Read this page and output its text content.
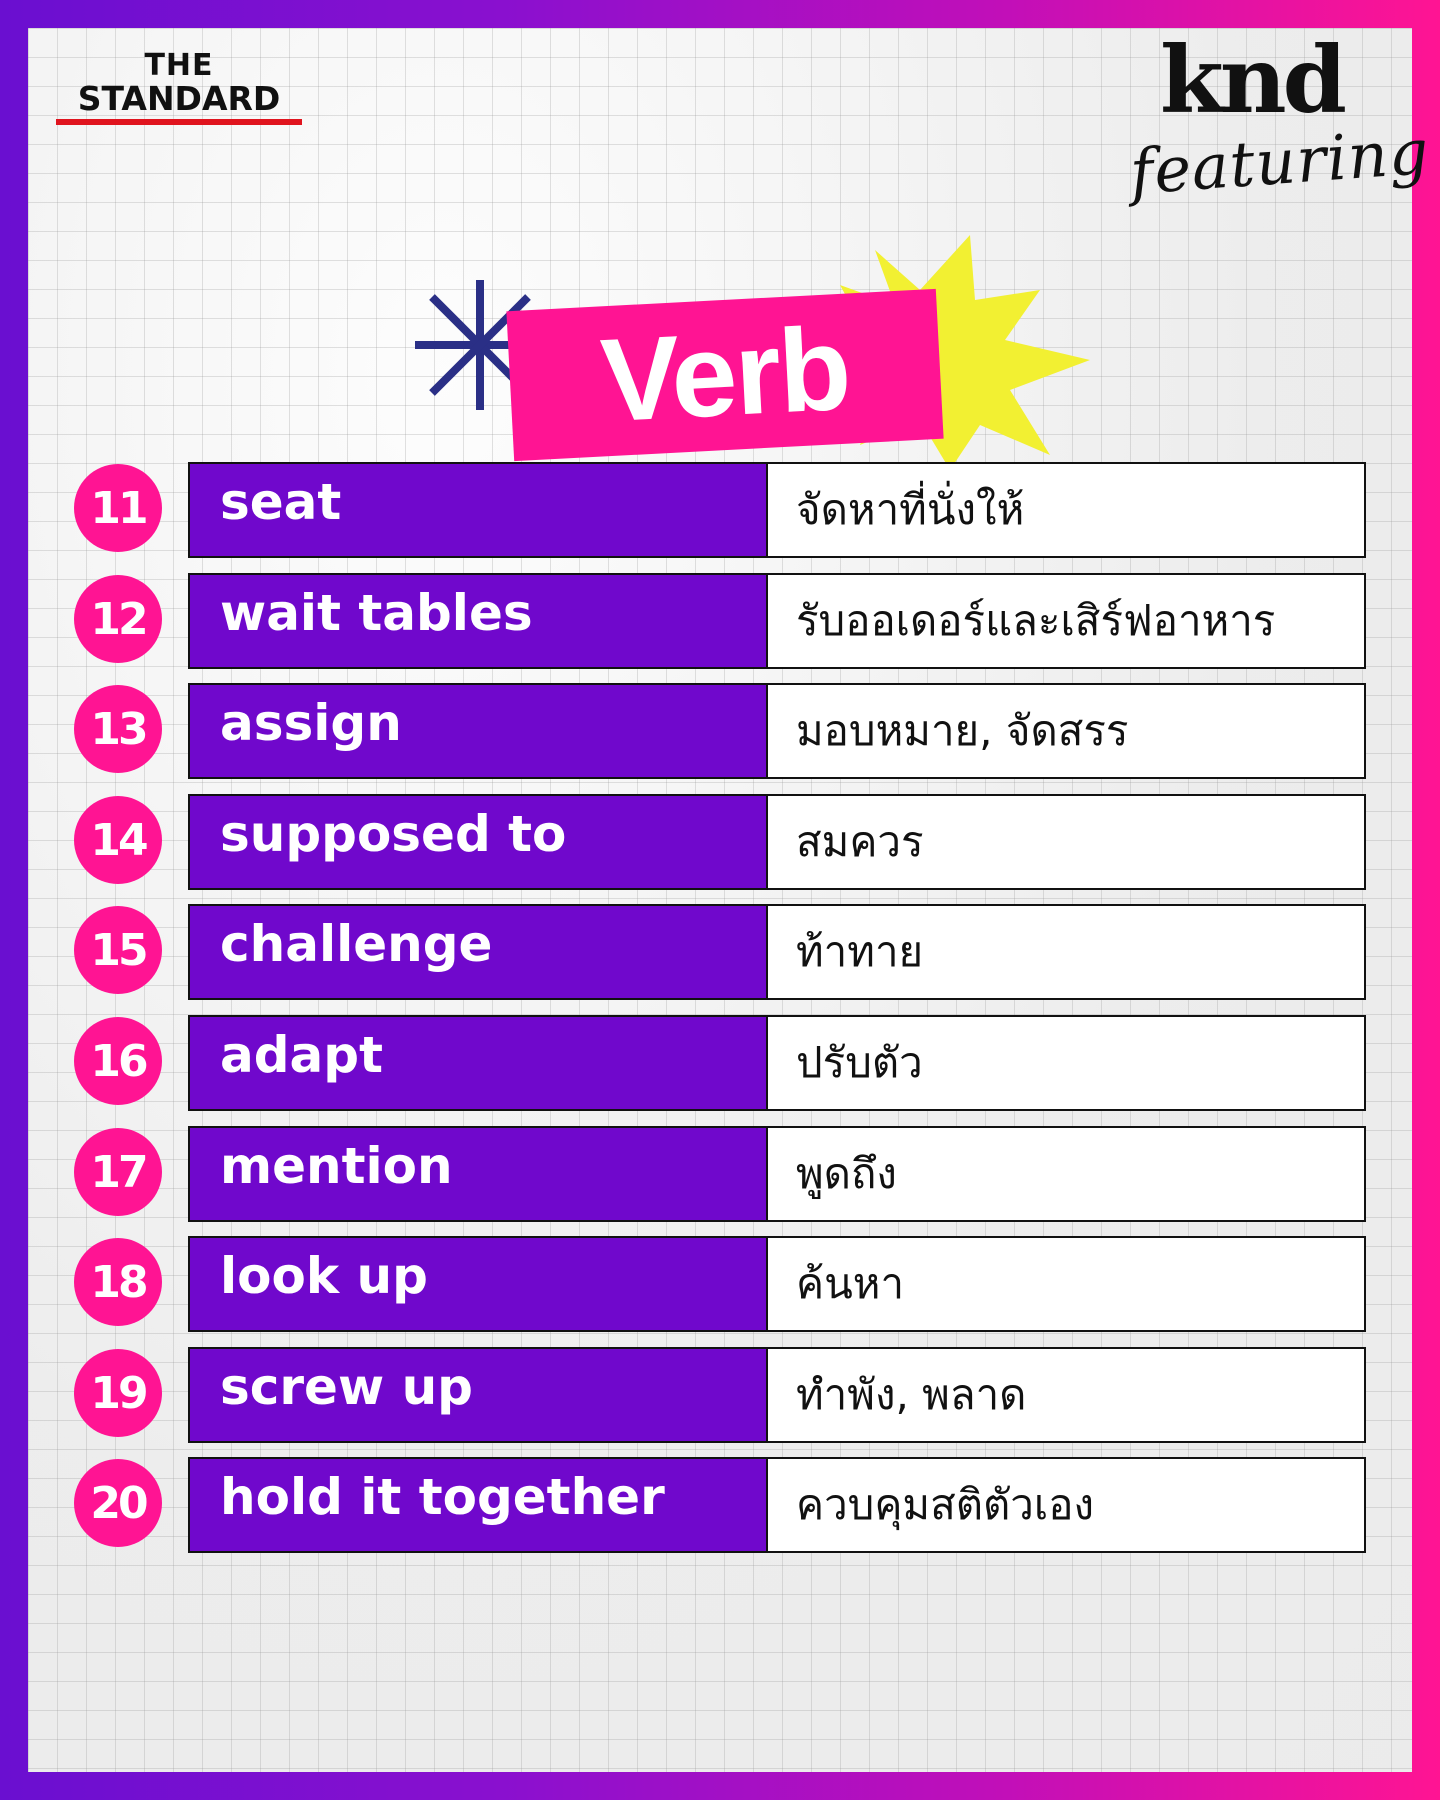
THE
STANDARD	knd
featuring
Verb
11	seat	จัดหาที่นั่งให้
12	wait tables	รับออเดอร์และเสิร์ฟอาหาร
13	assign	มอบหมาย, จัดสรร
14	supposed to	สมควร
15	challenge	ท้าทาย
16	adapt	ปรับตัว
17	mention	พูดถึง
18	look up	ค้นหา
19	screw up	ทำพัง, พลาด
20	hold it together	ควบคุมสติตัวเอง
